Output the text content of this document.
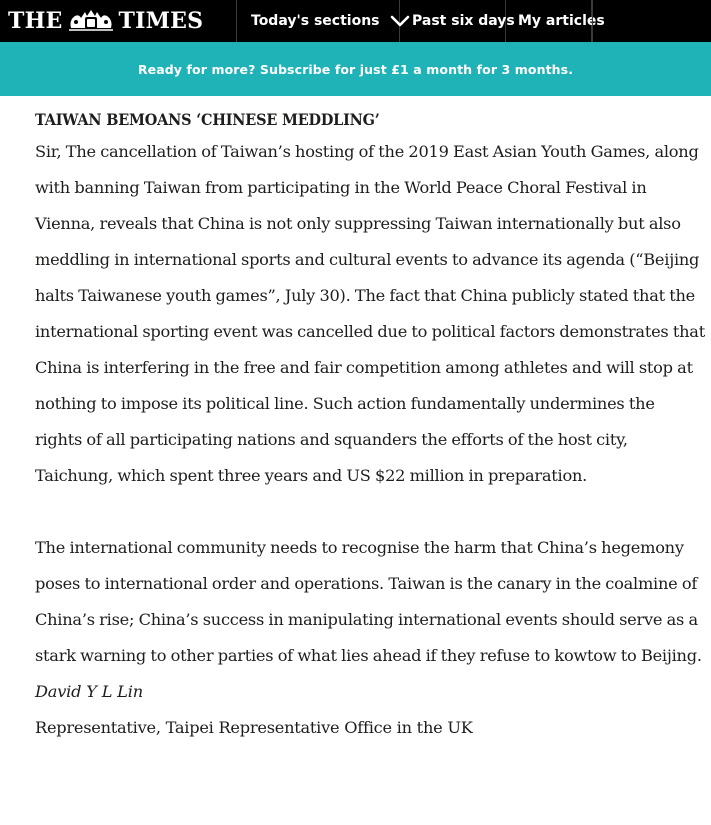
THE	TIMES	Today's sections Past six days My articles
Ready for more? Subscribe for just £1 a month for 3 months.
TAIWAN BEMOANS ‘CHINESE MEDDLING’

Sir, The cancellation of Taiwan’s hosting of the 2019 East Asian Youth Games, along with banning Taiwan from participating in the World Peace Choral Festival in Vienna, reveals that China is not only suppressing Taiwan internationally but also meddling in international sports and cultural events to advance its agenda (“Beijing halts Taiwanese youth games”, July 30). The fact that China publicly stated that the international sporting event was cancelled due to political factors demonstrates that China is interfering in the free and fair competition among athletes and will stop at nothing to impose its political line. Such action fundamentally undermines the rights of all participating nations and squanders the efforts of the host city, Taichung, which spent three years and US $22 million in preparation.

The international community needs to recognise the harm that China’s hegemony poses to international order and operations. Taiwan is the canary in the coalmine of China’s rise; China’s success in manipulating international events should serve as a stark warning to other parties of what lies ahead if they refuse to kowtow to Beijing.

David Y L Lin
Representative, Taipei Representative Office in the UK
